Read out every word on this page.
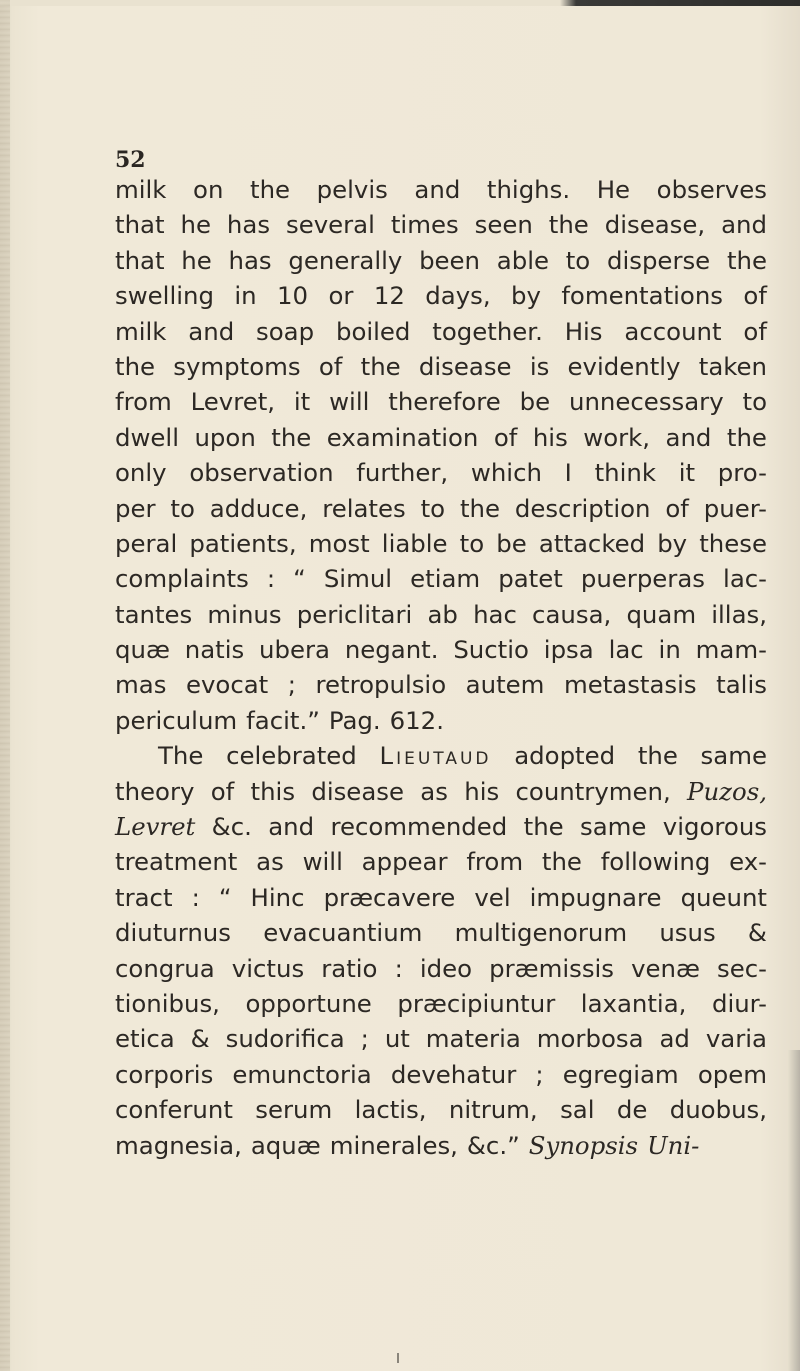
52

milk on the pelvis and thighs. He observes
that he has several times seen the disease, and
that he has generally been able to disperse the
swelling in 10 or 12 days, by fomentations of
milk and soap boiled together. His account of
the symptoms of the disease is evidently taken
from Levret, it will therefore be unnecessary to
dwell upon the examination of his work, and the
only observation further, which I think it pro-
per to adduce, relates to the description of puer-
peral patients, most liable to be attacked by these
complaints : “ Simul etiam patet puerperas lac-
tantes minus periclitari ab hac causa, quam illas,
quæ natis ubera negant. Suctio ipsa lac in mam-
mas evocat ; retropulsio autem metastasis talis
periculum facit.” Pag. 612.
The celebrated Lieutaud adopted the same
theory of this disease as his countrymen, Puzos,
Levret &c. and recommended the same vigorous
treatment as will appear from the following ex-
tract : “ Hinc præcavere vel impugnare queunt
diuturnus evacuantium multigenorum usus &
congrua victus ratio : ideo præmissis venæ sec-
tionibus, opportune præcipiuntur laxantia, diur-
etica & sudorifica ; ut materia morbosa ad varia
corporis emunctoria devehatur ; egregiam opem
conferunt serum lactis, nitrum, sal de duobus,
magnesia, aquæ minerales, &c.” Synopsis Uni-
